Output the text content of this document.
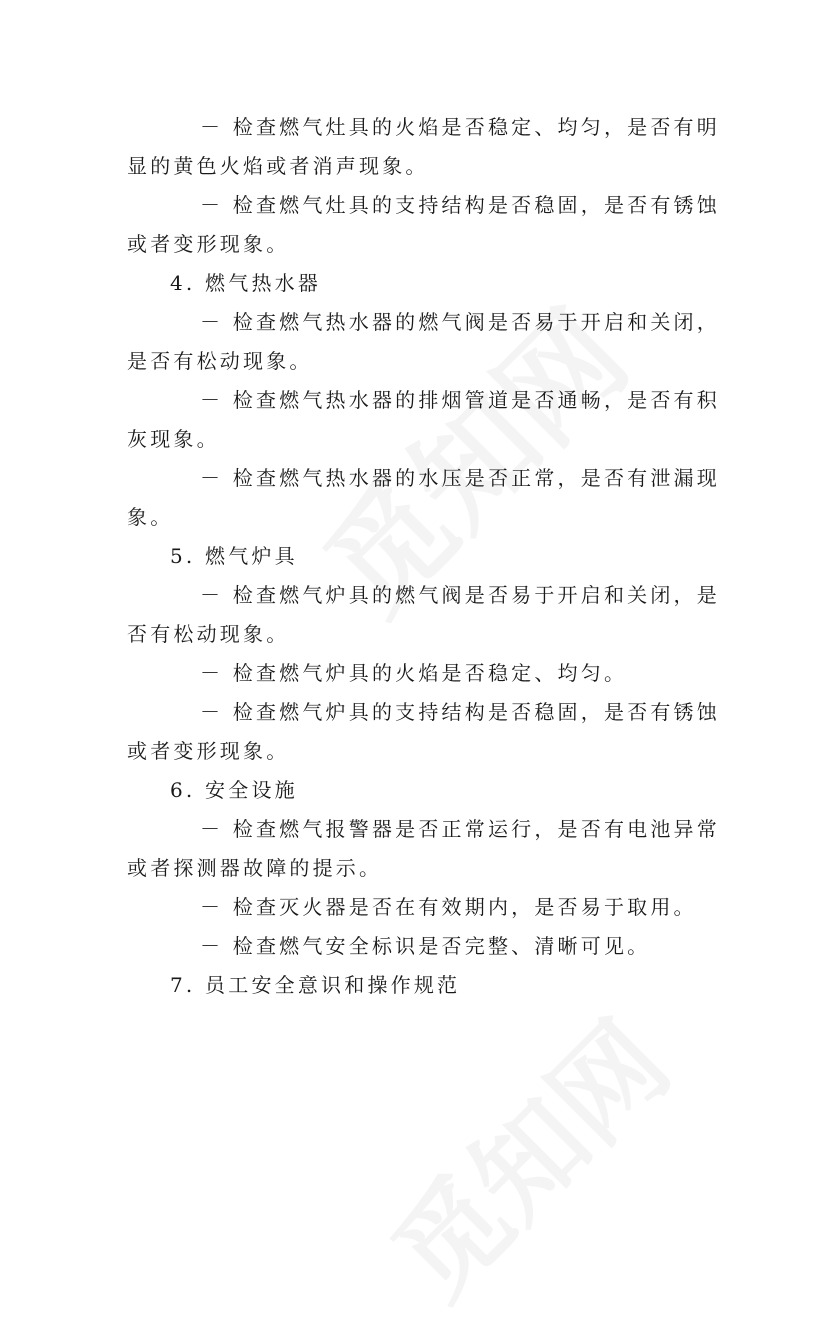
－ 检查燃气灶具的火焰是否稳定、均匀，是否有明
显的黄色火焰或者消声现象。
－ 检查燃气灶具的支持结构是否稳固，是否有锈蚀
或者变形现象。
4. 燃气热水器
－ 检查燃气热水器的燃气阀是否易于开启和关闭，
是否有松动现象。
－ 检查燃气热水器的排烟管道是否通畅，是否有积
灰现象。
－ 检查燃气热水器的水压是否正常，是否有泄漏现
象。
5. 燃气炉具
－ 检查燃气炉具的燃气阀是否易于开启和关闭，是
否有松动现象。
－ 检查燃气炉具的火焰是否稳定、均匀。
－ 检查燃气炉具的支持结构是否稳固，是否有锈蚀
或者变形现象。
6. 安全设施
－ 检查燃气报警器是否正常运行，是否有电池异常
或者探测器故障的提示。
－ 检查灭火器是否在有效期内，是否易于取用。
－ 检查燃气安全标识是否完整、清晰可见。
7. 员工安全意识和操作规范
